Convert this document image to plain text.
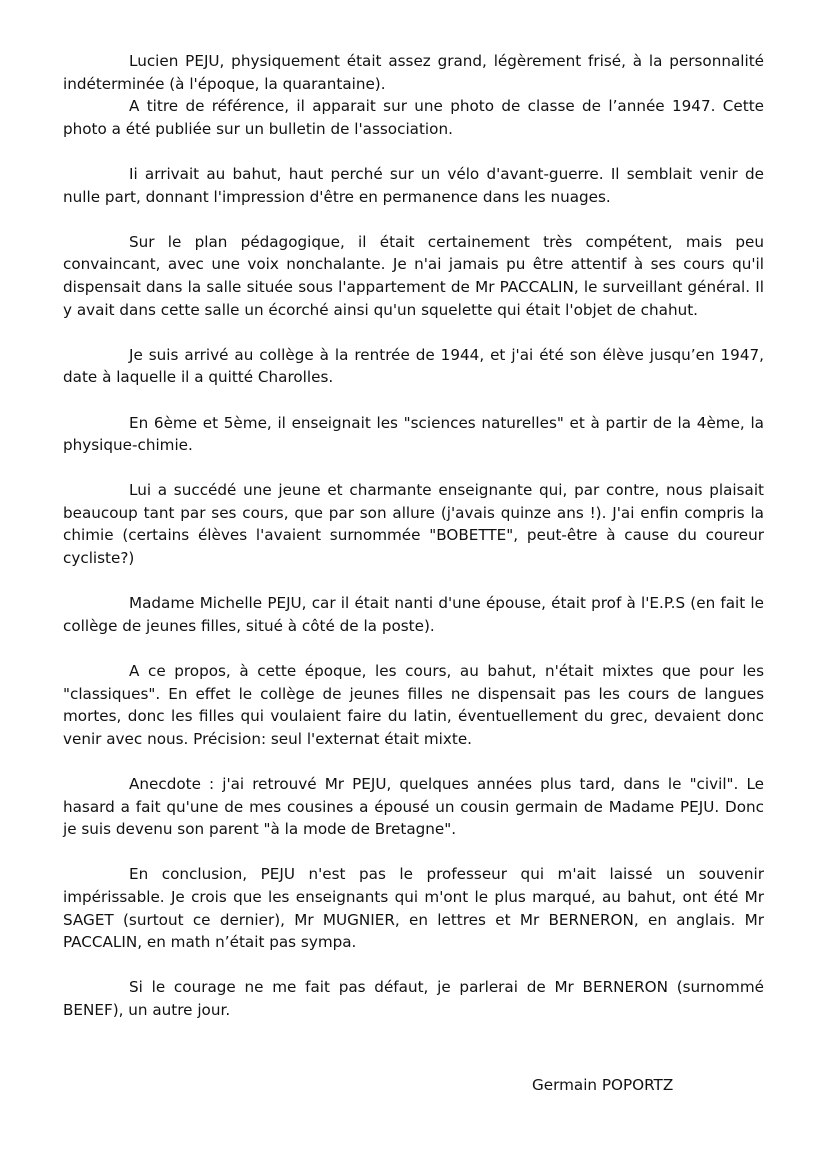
Lucien PEJU, physiquement était assez grand, légèrement frisé, à la personnalité indéterminée (à l'époque, la quarantaine).

A titre de référence, il apparait sur une photo de classe de l’année 1947. Cette photo a été publiée sur un bulletin de l'association.

Ii arrivait au bahut, haut perché sur un vélo d'avant-guerre. Il semblait venir de nulle part, donnant l'impression d'être en permanence dans les nuages.

Sur le plan pédagogique, il était certainement très compétent, mais peu convaincant, avec une voix nonchalante. Je n'ai jamais pu être attentif à ses cours qu'il dispensait dans la salle située sous l'appartement de Mr PACCALIN, le surveillant général. Il y avait dans cette salle un écorché ainsi qu'un squelette qui était l'objet de chahut.

Je suis arrivé au collège à la rentrée de 1944, et j'ai été son élève jusqu’en 1947, date à laquelle il a quitté Charolles.

En 6ème et 5ème, il enseignait les "sciences naturelles" et à partir de la 4ème, la physique-chimie.

Lui a succédé une jeune et charmante enseignante qui, par contre, nous plaisait beaucoup tant par ses cours, que par son allure (j'avais quinze ans !). J'ai enfin compris la chimie (certains élèves l'avaient surnommée "BOBETTE", peut-être à cause du coureur cycliste?)

Madame Michelle PEJU, car il était nanti d'une épouse, était prof à l'E.P.S (en fait le collège de jeunes filles, situé à côté de la poste).

A ce propos, à cette époque, les cours, au bahut, n'était mixtes que pour les "classiques". En effet le collège de jeunes filles ne dispensait pas les cours de langues mortes, donc les filles qui voulaient faire du latin, éventuellement du grec, devaient donc venir avec nous. Précision: seul l'externat était mixte.

Anecdote : j'ai retrouvé Mr PEJU, quelques années plus tard, dans le "civil". Le hasard a fait qu'une de mes cousines a épousé un cousin germain de Madame PEJU. Donc je suis devenu son parent "à la mode de Bretagne".

En conclusion, PEJU n'est pas le professeur qui m'ait laissé un souvenir impérissable. Je crois que les enseignants qui m'ont le plus marqué, au bahut, ont été Mr SAGET (surtout ce dernier), Mr MUGNIER, en lettres et Mr BERNERON, en anglais. Mr PACCALIN, en math n’était pas sympa.

Si le courage ne me fait pas défaut, je parlerai de Mr BERNERON (surnommé BENEF), un autre jour.

Germain POPORTZ
